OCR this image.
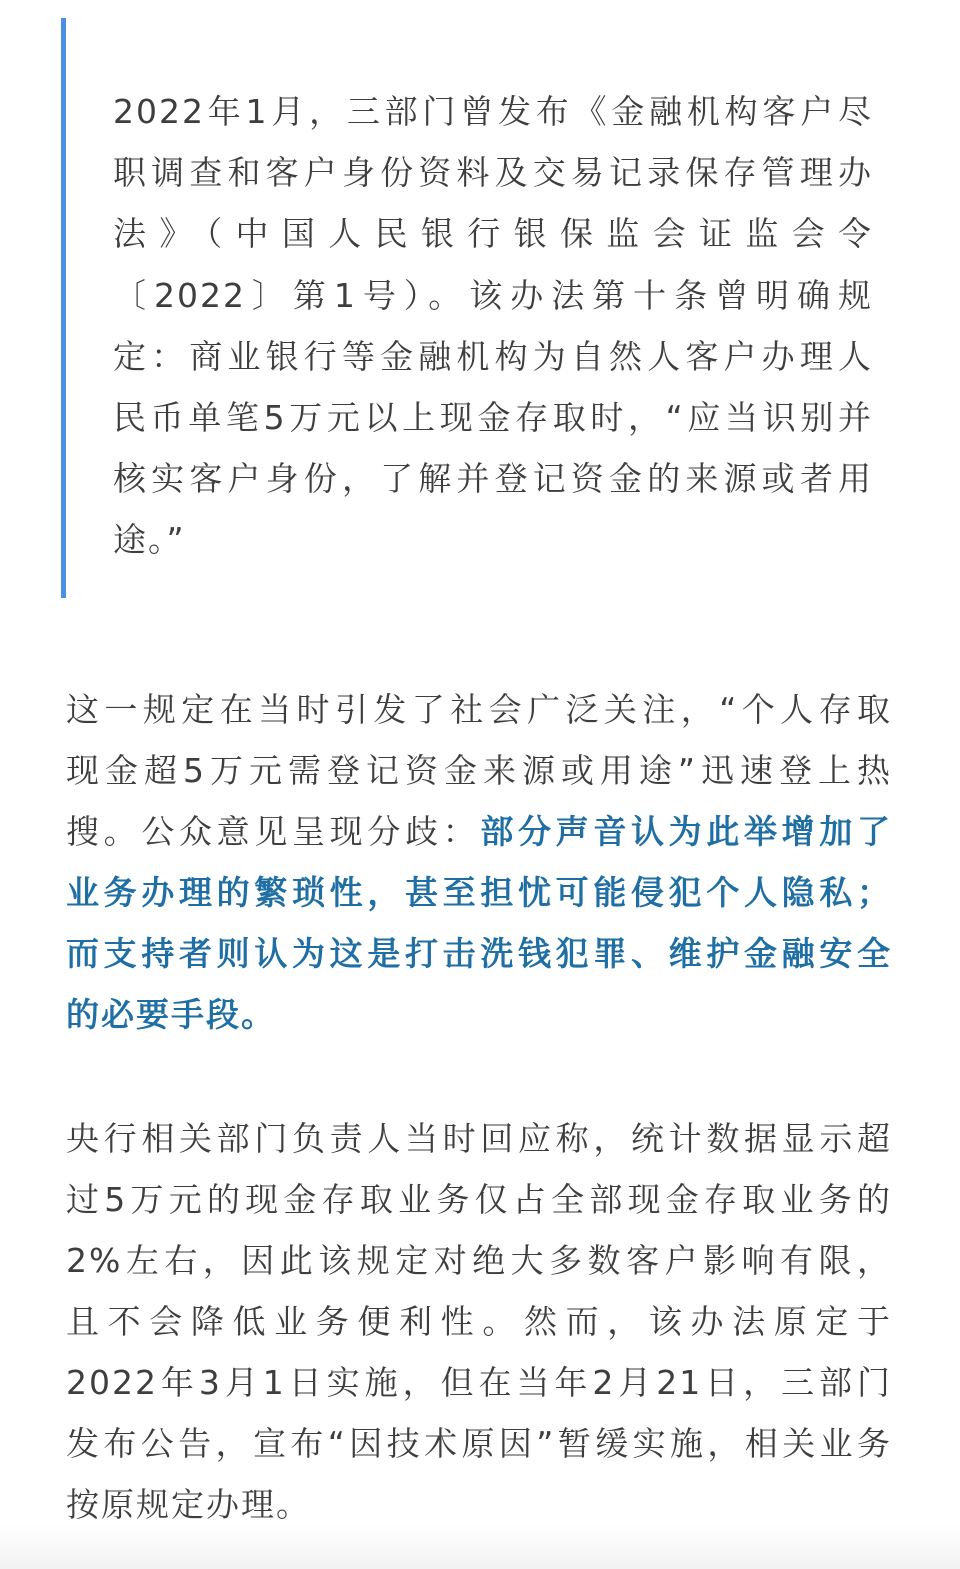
2022年1月，三部门曾发布《金融机构客户尽
职调查和客户身份资料及交易记录保存管理办
法》（中国人民银行银保监会证监会令
〔2022〕第1号）。该办法第十条曾明确规
定：商业银行等金融机构为自然人客户办理人
民币单笔5万元以上现金存取时，“应当识别并
核实客户身份，了解并登记资金的来源或者用
途。”
这一规定在当时引发了社会广泛关注，“个人存取
现金超5万元需登记资金来源或用途”迅速登上热
搜。公众意见呈现分歧：部分声音认为此举增加了
业务办理的繁琐性，甚至担忧可能侵犯个人隐私；
而支持者则认为这是打击洗钱犯罪、维护金融安全
的必要手段。
央行相关部门负责人当时回应称，统计数据显示超
过5万元的现金存取业务仅占全部现金存取业务的
2%左右，因此该规定对绝大多数客户影响有限，
且不会降低业务便利性。然而，该办法原定于
2022年3月1日实施，但在当年2月21日，三部门
发布公告，宣布“因技术原因”暂缓实施，相关业务
按原规定办理。
